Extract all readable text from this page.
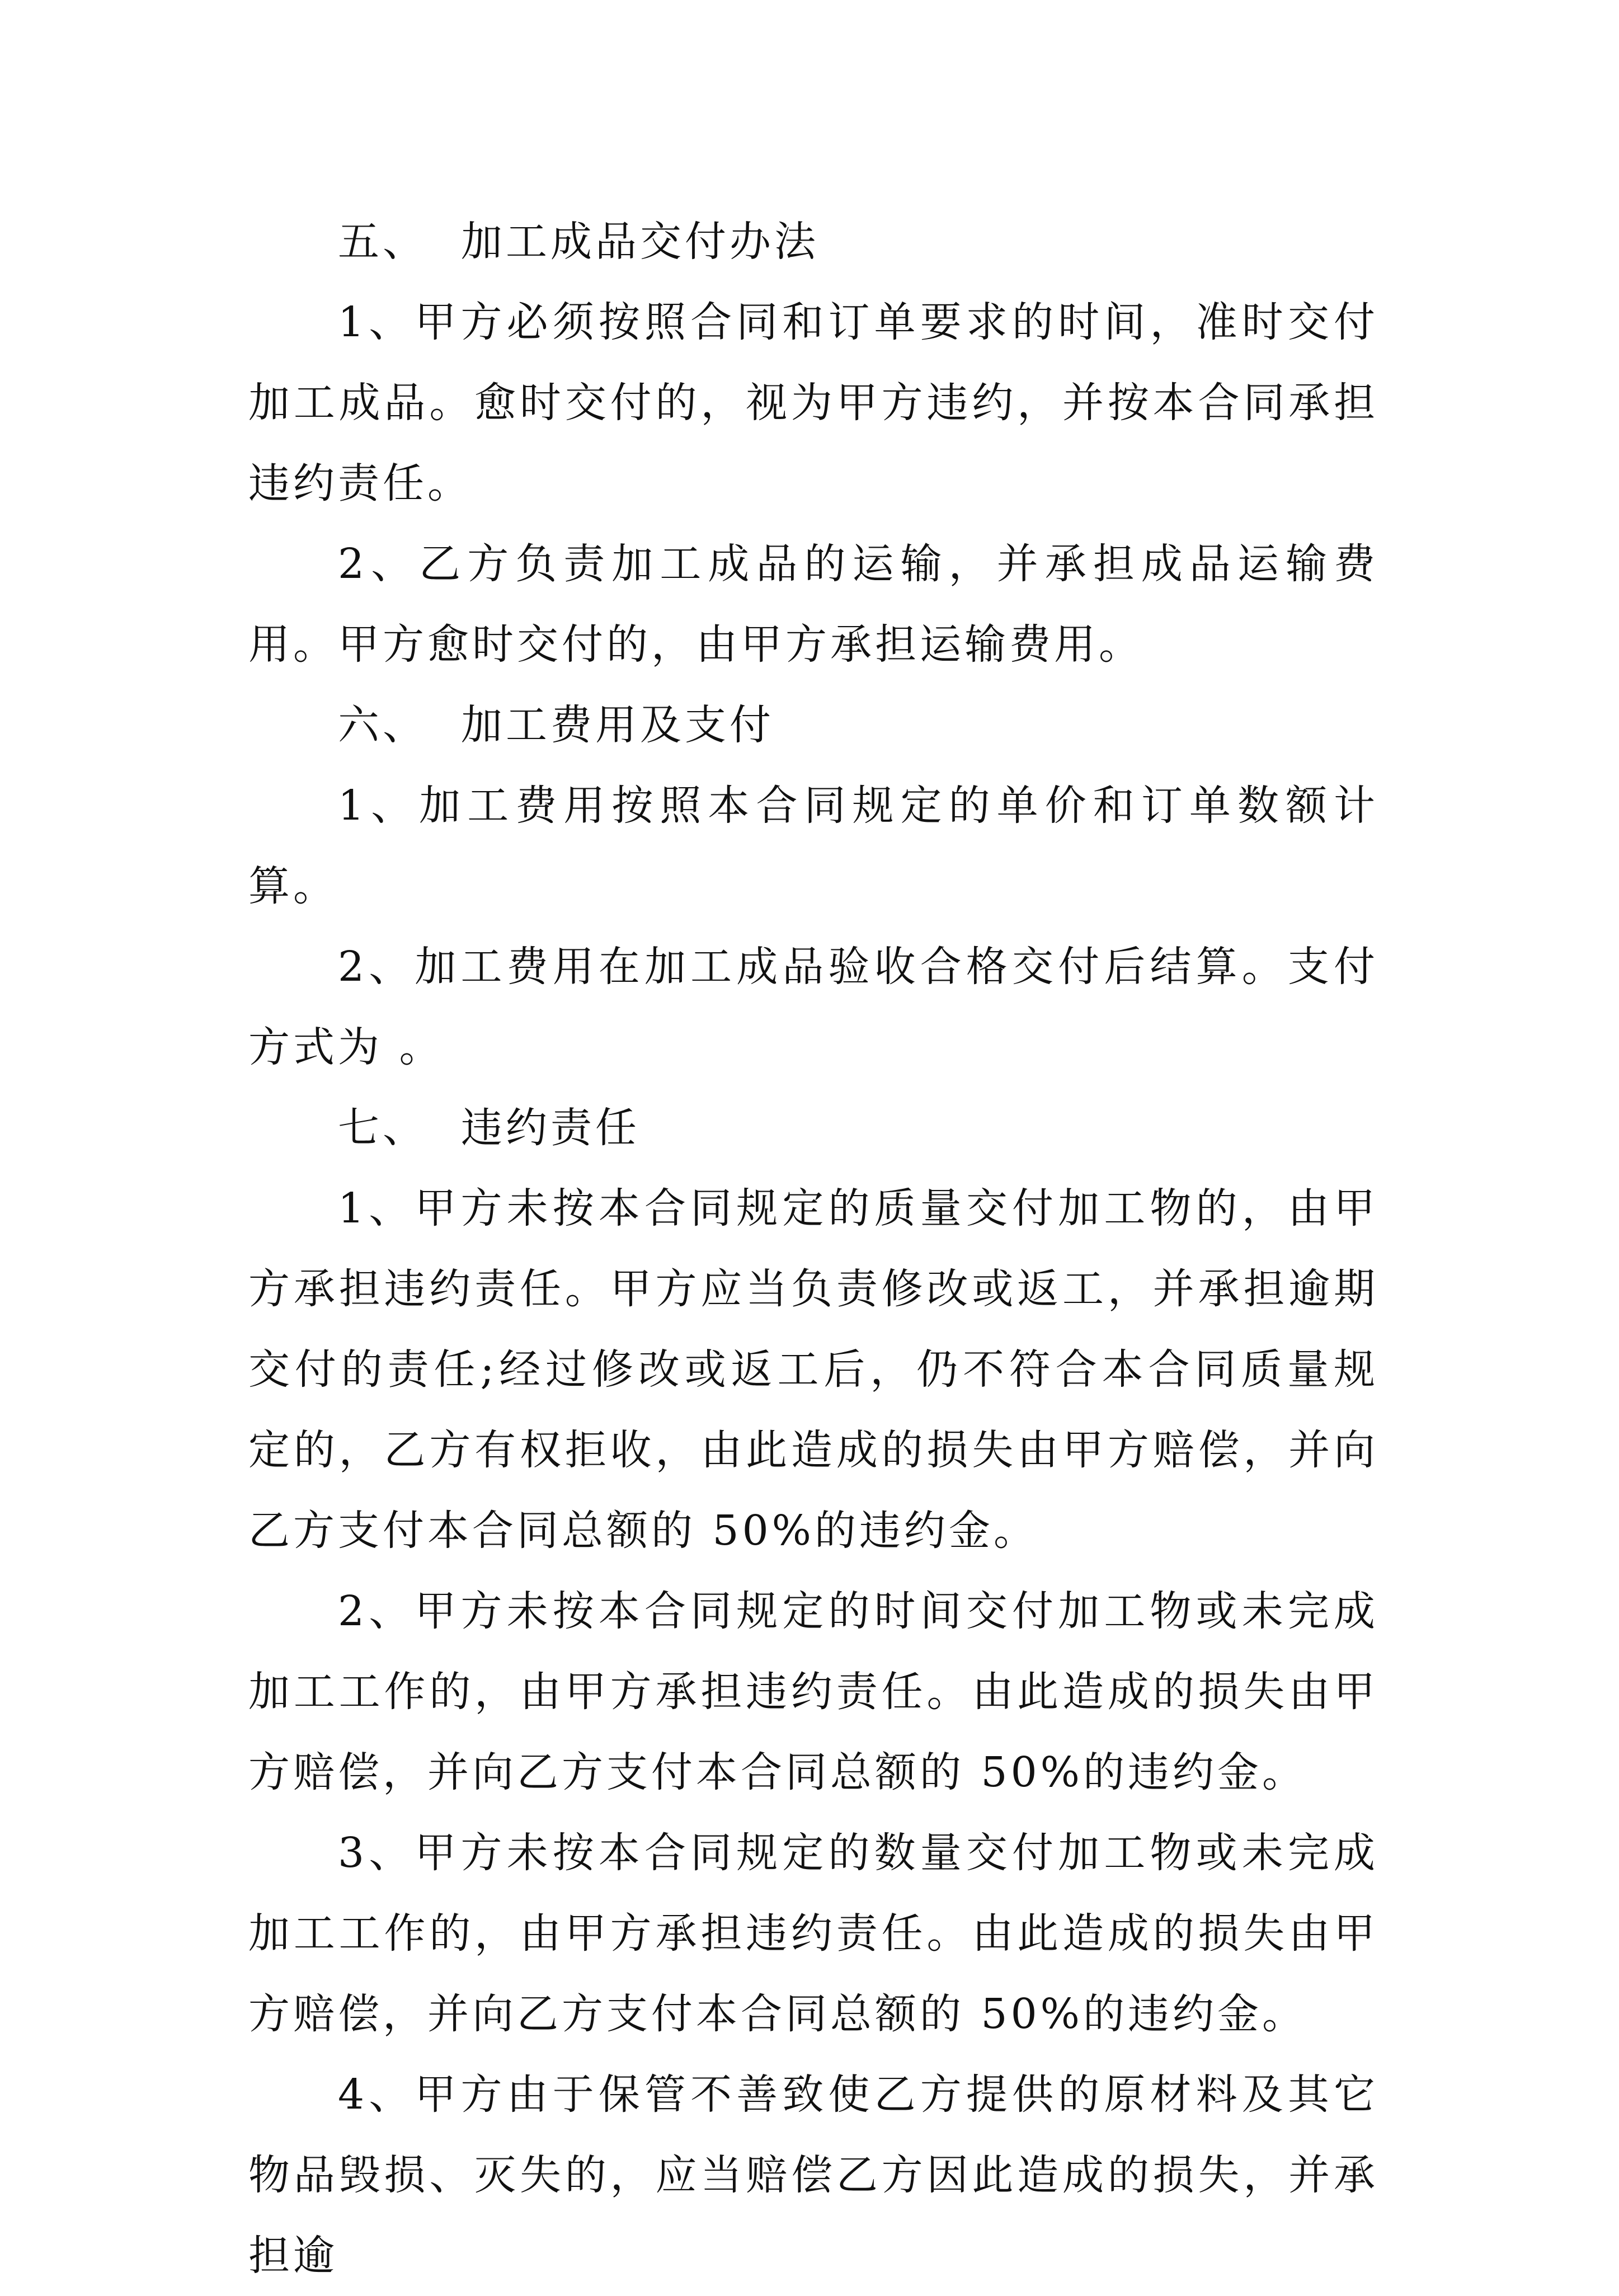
五、 加工成品交付办法

1、甲方必须按照合同和订单要求的时间，准时交付加工成品。愈时交付的，视为甲方违约，并按本合同承担违约责任。

2、乙方负责加工成品的运输，并承担成品运输费用。甲方愈时交付的，由甲方承担运输费用。

六、 加工费用及支付

1、加工费用按照本合同规定的单价和订单数额计算。

2、加工费用在加工成品验收合格交付后结算。支付方式为 。

七、 违约责任

1、甲方未按本合同规定的质量交付加工物的，由甲方承担违约责任。甲方应当负责修改或返工，并承担逾期交付的责任;经过修改或返工后，仍不符合本合同质量规定的，乙方有权拒收，由此造成的损失由甲方赔偿，并向乙方支付本合同总额的 50%的违约金。

2、甲方未按本合同规定的时间交付加工物或未完成加工工作的，由甲方承担违约责任。由此造成的损失由甲方赔偿，并向乙方支付本合同总额的 50%的违约金。

3、甲方未按本合同规定的数量交付加工物或未完成加工工作的，由甲方承担违约责任。由此造成的损失由甲方赔偿，并向乙方支付本合同总额的 50%的违约金。

4、甲方由于保管不善致使乙方提供的原材料及其它物品毁损、灭失的，应当赔偿乙方因此造成的损失，并承担逾
